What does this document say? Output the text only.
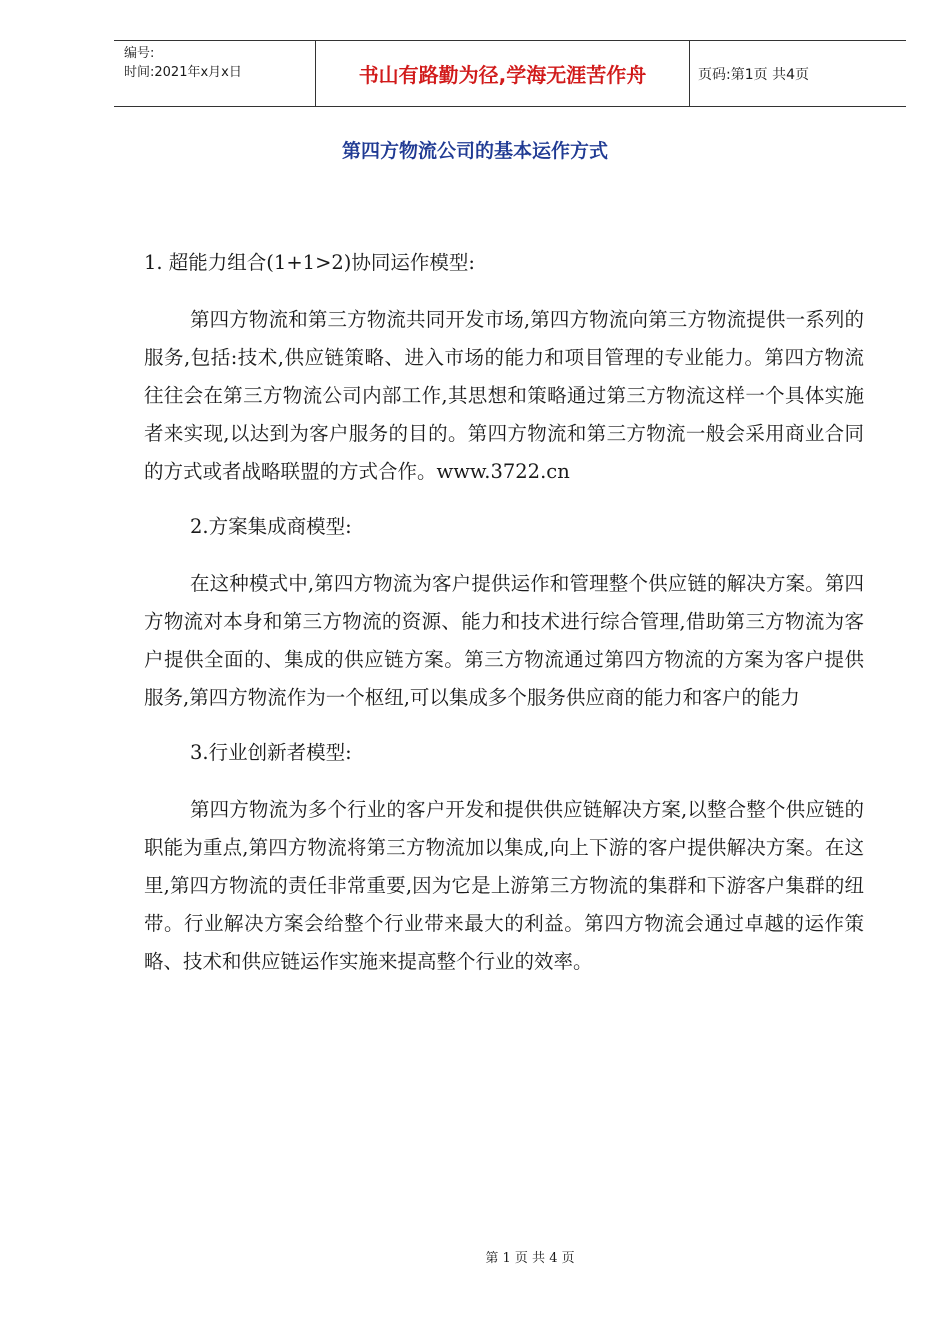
编号:
时间:2021年x月x日	书山有路勤为径,学海无涯苦作舟	页码:第1页 共4页
第四方物流公司的基本运作方式
1. 超能力组合(1+1>2)协同运作模型:

第四方物流和第三方物流共同开发市场,第四方物流向第三方物流提供一系列的服务,包括:技术,供应链策略、进入市场的能力和项目管理的专业能力。第四方物流往往会在第三方物流公司内部工作,其思想和策略通过第三方物流这样一个具体实施者来实现,以达到为客户服务的目的。第四方物流和第三方物流一般会采用商业合同的方式或者战略联盟的方式合作。www.3722.cn

2.方案集成商模型:

在这种模式中,第四方物流为客户提供运作和管理整个供应链的解决方案。第四方物流对本身和第三方物流的资源、能力和技术进行综合管理,借助第三方物流为客户提供全面的、集成的供应链方案。第三方物流通过第四方物流的方案为客户提供服务,第四方物流作为一个枢纽,可以集成多个服务供应商的能力和客户的能力

3.行业创新者模型:

第四方物流为多个行业的客户开发和提供供应链解决方案,以整合整个供应链的职能为重点,第四方物流将第三方物流加以集成,向上下游的客户提供解决方案。在这里,第四方物流的责任非常重要,因为它是上游第三方物流的集群和下游客户集群的纽带。行业解决方案会给整个行业带来最大的利益。第四方物流会通过卓越的运作策略、技术和供应链运作实施来提高整个行业的效率。

第 1 页 共 4 页
